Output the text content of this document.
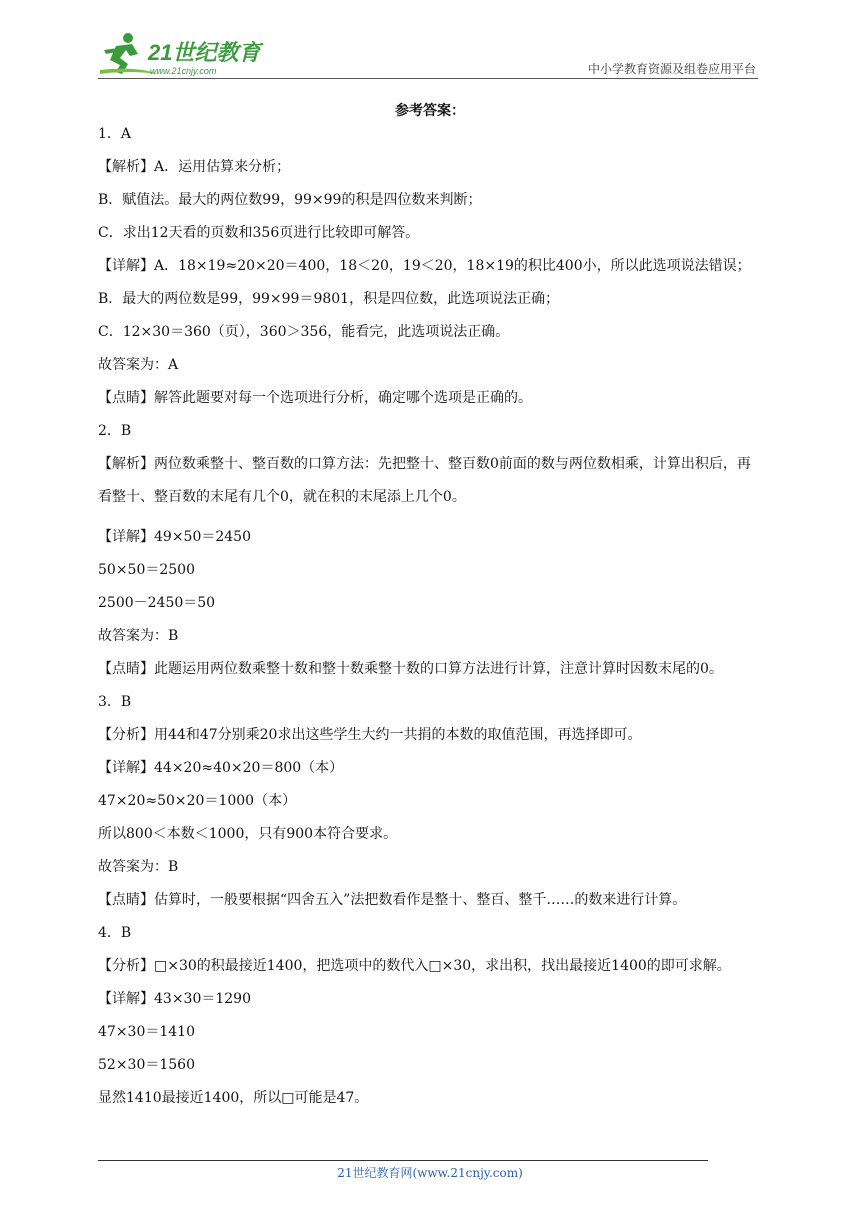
21世纪教育
www.21cnjy.com	中小学教育资源及组卷应用平台
参考答案：

1．A

【解析】A．运用估算来分析；

B．赋值法。最大的两位数99，99×99的积是四位数来判断；

C．求出12天看的页数和356页进行比较即可解答。

【详解】A．18×19≈20×20＝400，18＜20，19＜20，18×19的积比400小，所以此选项说法错误；

B．最大的两位数是99，99×99＝9801，积是四位数，此选项说法正确；

C．12×30＝360（页），360＞356，能看完，此选项说法正确。

故答案为：A

【点睛】解答此题要对每一个选项进行分析，确定哪个选项是正确的。

2．B

【解析】两位数乘整十、整百数的口算方法：先把整十、整百数0前面的数与两位数相乘，计算出积后，再看整十、整百数的末尾有几个0，就在积的末尾添上几个0。

【详解】49×50＝2450

50×50＝2500

2500－2450＝50

故答案为：B

【点睛】此题运用两位数乘整十数和整十数乘整十数的口算方法进行计算，注意计算时因数末尾的0。

3．B

【分析】用44和47分别乘20求出这些学生大约一共捐的本数的取值范围，再选择即可。

【详解】44×20≈40×20＝800（本）

47×20≈50×20＝1000（本）

所以800＜本数＜1000，只有900本符合要求。

故答案为：B

【点睛】估算时，一般要根据“四舍五入”法把数看作是整十、整百、整千……的数来进行计算。

4．B

【分析】□×30的积最接近1400，把选项中的数代入□×30，求出积，找出最接近1400的即可求解。

【详解】43×30＝1290

47×30＝1410

52×30＝1560

显然1410最接近1400，所以□可能是47。

21世纪教育网(www.21cnjy.com)
